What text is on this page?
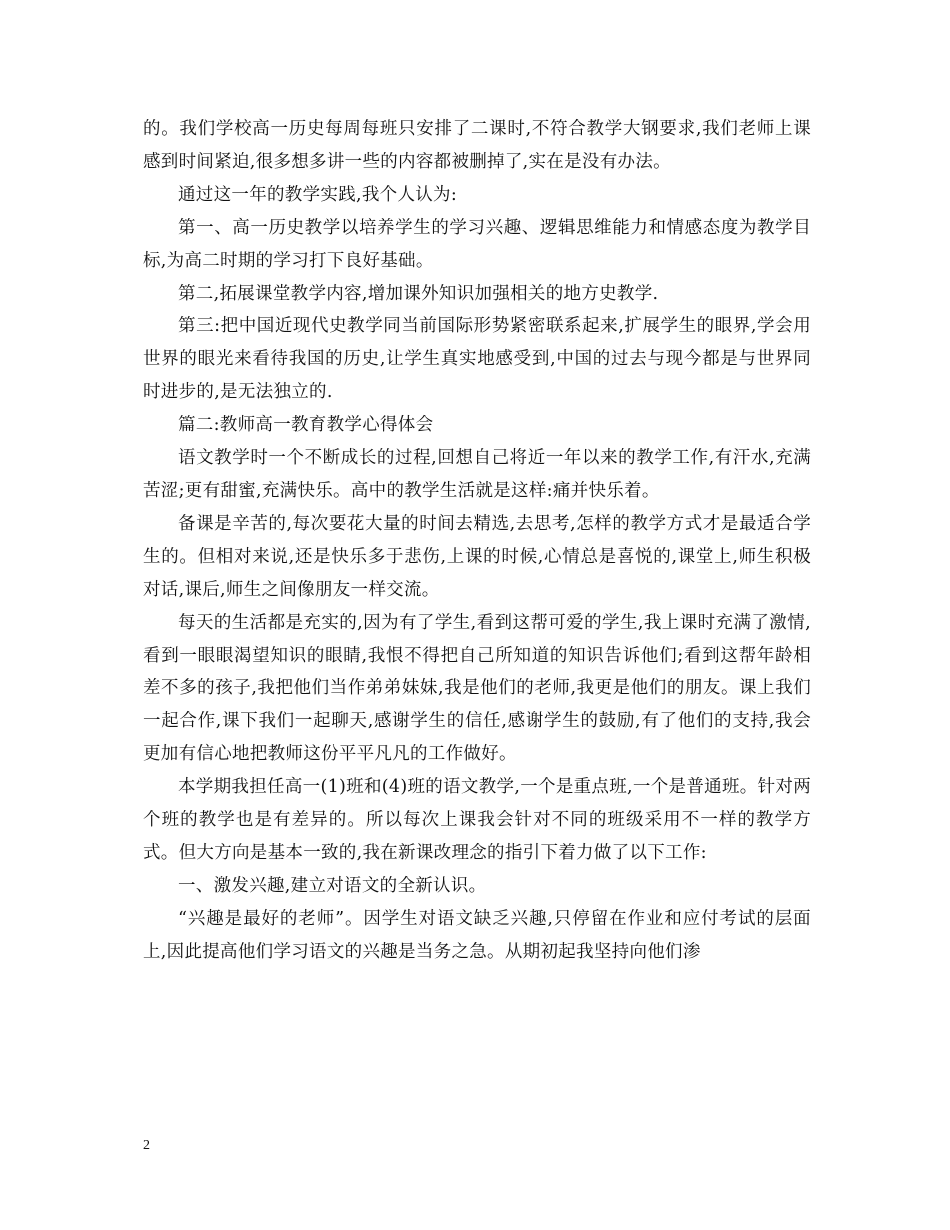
的。我们学校高一历史每周每班只安排了二课时,不符合教学大钢要求,我们老师上课感到时间紧迫,很多想多讲一些的内容都被删掉了,实在是没有办法。

通过这一年的教学实践,我个人认为:

第一、高一历史教学以培养学生的学习兴趣、逻辑思维能力和情感态度为教学目标,为高二时期的学习打下良好基础。

第二,拓展课堂教学内容,增加课外知识加强相关的地方史教学.

第三:把中国近现代史教学同当前国际形势紧密联系起来,扩展学生的眼界,学会用世界的眼光来看待我国的历史,让学生真实地感受到,中国的过去与现今都是与世界同时进步的,是无法独立的.

篇二:教师高一教育教学心得体会

语文教学时一个不断成长的过程,回想自己将近一年以来的教学工作,有汗水,充满苦涩;更有甜蜜,充满快乐。高中的教学生活就是这样:痛并快乐着。

备课是辛苦的,每次要花大量的时间去精选,去思考,怎样的教学方式才是最适合学生的。但相对来说,还是快乐多于悲伤,上课的时候,心情总是喜悦的,课堂上,师生积极对话,课后,师生之间像朋友一样交流。

每天的生活都是充实的,因为有了学生,看到这帮可爱的学生,我上课时充满了激情,看到一眼眼渴望知识的眼睛,我恨不得把自己所知道的知识告诉他们;看到这帮年龄相差不多的孩子,我把他们当作弟弟妹妹,我是他们的老师,我更是他们的朋友。课上我们一起合作,课下我们一起聊天,感谢学生的信任,感谢学生的鼓励,有了他们的支持,我会更加有信心地把教师这份平平凡凡的工作做好。

本学期我担任高一(1)班和(4)班的语文教学,一个是重点班,一个是普通班。针对两个班的教学也是有差异的。所以每次上课我会针对不同的班级采用不一样的教学方式。但大方向是基本一致的,我在新课改理念的指引下着力做了以下工作:

一、激发兴趣,建立对语文的全新认识。

“兴趣是最好的老师”。因学生对语文缺乏兴趣,只停留在作业和应付考试的层面上,因此提高他们学习语文的兴趣是当务之急。从期初起我坚持向他们渗

2
